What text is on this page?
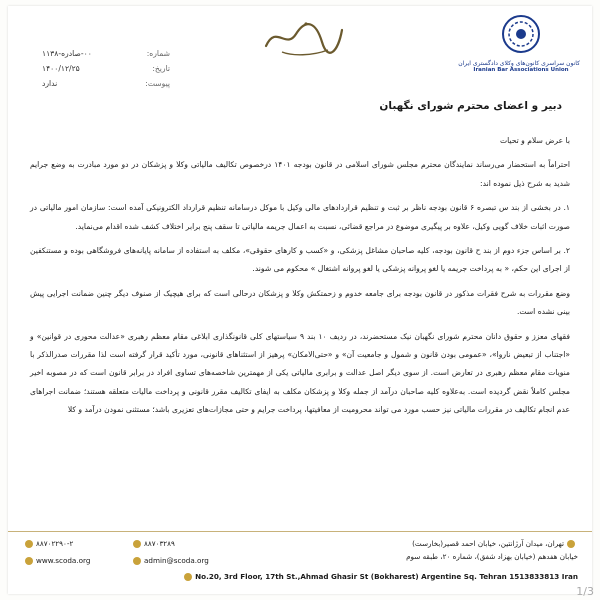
شماره:
۰۰-صادره-۱۱۳۸
تاریخ:
۱۴۰۰/۱۲/۲۵
پیوست:
ندارد
کانون سراسری کانون‌های وکلای دادگستری ایران
Iranian Bar Associations Union
دبیر و اعضای محترم شورای نگهبان

با عرض سلام و تحیات

احتراماً به استحضار می‌رساند نمایندگان محترم مجلس شورای اسلامی در قانون بودجه ۱۴۰۱ درخصوص تکالیف مالیاتی وکلا و پزشکان در دو مورد مبادرت به وضع جرایم شدید به شرح ذیل نموده اند:

۱. در بخشی از بند س تبصره ۶ قانون بودجه ناظر بر ثبت و تنظیم قراردادهای مالی وکیل با موکل درسامانه تنظیم قرارداد الکترونیکی آمده است: سازمان امور مالیاتی در صورت اثبات خلاف گویی وکیل، علاوه بر پیگیری موضوع در مراجع قضائی، نسبت به اعمال جریمه مالیاتی تا سقف پنج برابر اختلاف کشف شده اقدام می‌نماید.

۲. بر اساس جزء دوم از بند ح قانون بودجه، کلیه صاحبان مشاغل پزشکی، و «کسب و کارهای حقوقی»، مکلف به استفاده از سامانه پایانه‌های فروشگاهی بوده و مستنکفین از اجرای این حکم، « به پرداخت جریمه یا لغو پروانه پزشکی یا لغو پروانه اشتغال » محکوم می شوند.

وضع مقررات به شرح فقرات مذکور در قانون بودجه برای جامعه خدوم و زحمتکش وکلا و پزشکان درحالی است که برای هیچیک از صنوف دیگر چنین ضمانت اجرایی پیش بینی نشده است.

فقهای معزز و حقوق دانان محترم شورای نگهبان نیک مستحضرند، در ردیف ۱۰ بند ۹ سیاستهای کلی قانونگذاری ابلاغی مقام معظم رهبری «عدالت محوری در قوانین» و «اجتناب از تبعیض ناروا»، «عمومی بودن قانون و شمول و جامعیت آن» و «حتی‌الامکان» پرهیز از استثناهای قانونی، مورد تأکید قرار گرفته است لذا مقررات صدرالذکر با منویات مقام معظم رهبری در تعارض است. از سوی دیگر اصل عدالت و برابری مالیاتی یکی از مهمترین شاخصه‌های تساوی افراد در برابر قانون است که در مصوبه اخیر مجلس کاملاً نقض گردیده است. به‌علاوه کلیه صاحبان درآمد از جمله وکلا و پزشکان مکلف به ایفای تکالیف مقرر قانونی و پرداخت مالیات متعلقه هستند؛ ضمانت اجراهای عدم انجام تکالیف در مقررات مالیاتی نیز حسب مورد می تواند محرومیت از معافیتها، پرداخت جرایم و حتی مجازات‌های تعزیری باشد؛ مستثنی نمودن درآمد و کلا

تهران، میدان آرژانتین، خیابان احمد قصیر(بخارست)
خیابان هفدهم (خیابان بهزاد شفق)، شماره ۲۰، طبقه سوم
No.20, 3rd Floor, 17th St.,Ahmad Ghasir St (Bokharest) Argentine Sq. Tehran 1513833813 Iran
۸۸۷۰۳۲۸۹
۸۸۷۰۲۲۹۰-۲
admin@scoda.org
www.scoda.org
1/3
